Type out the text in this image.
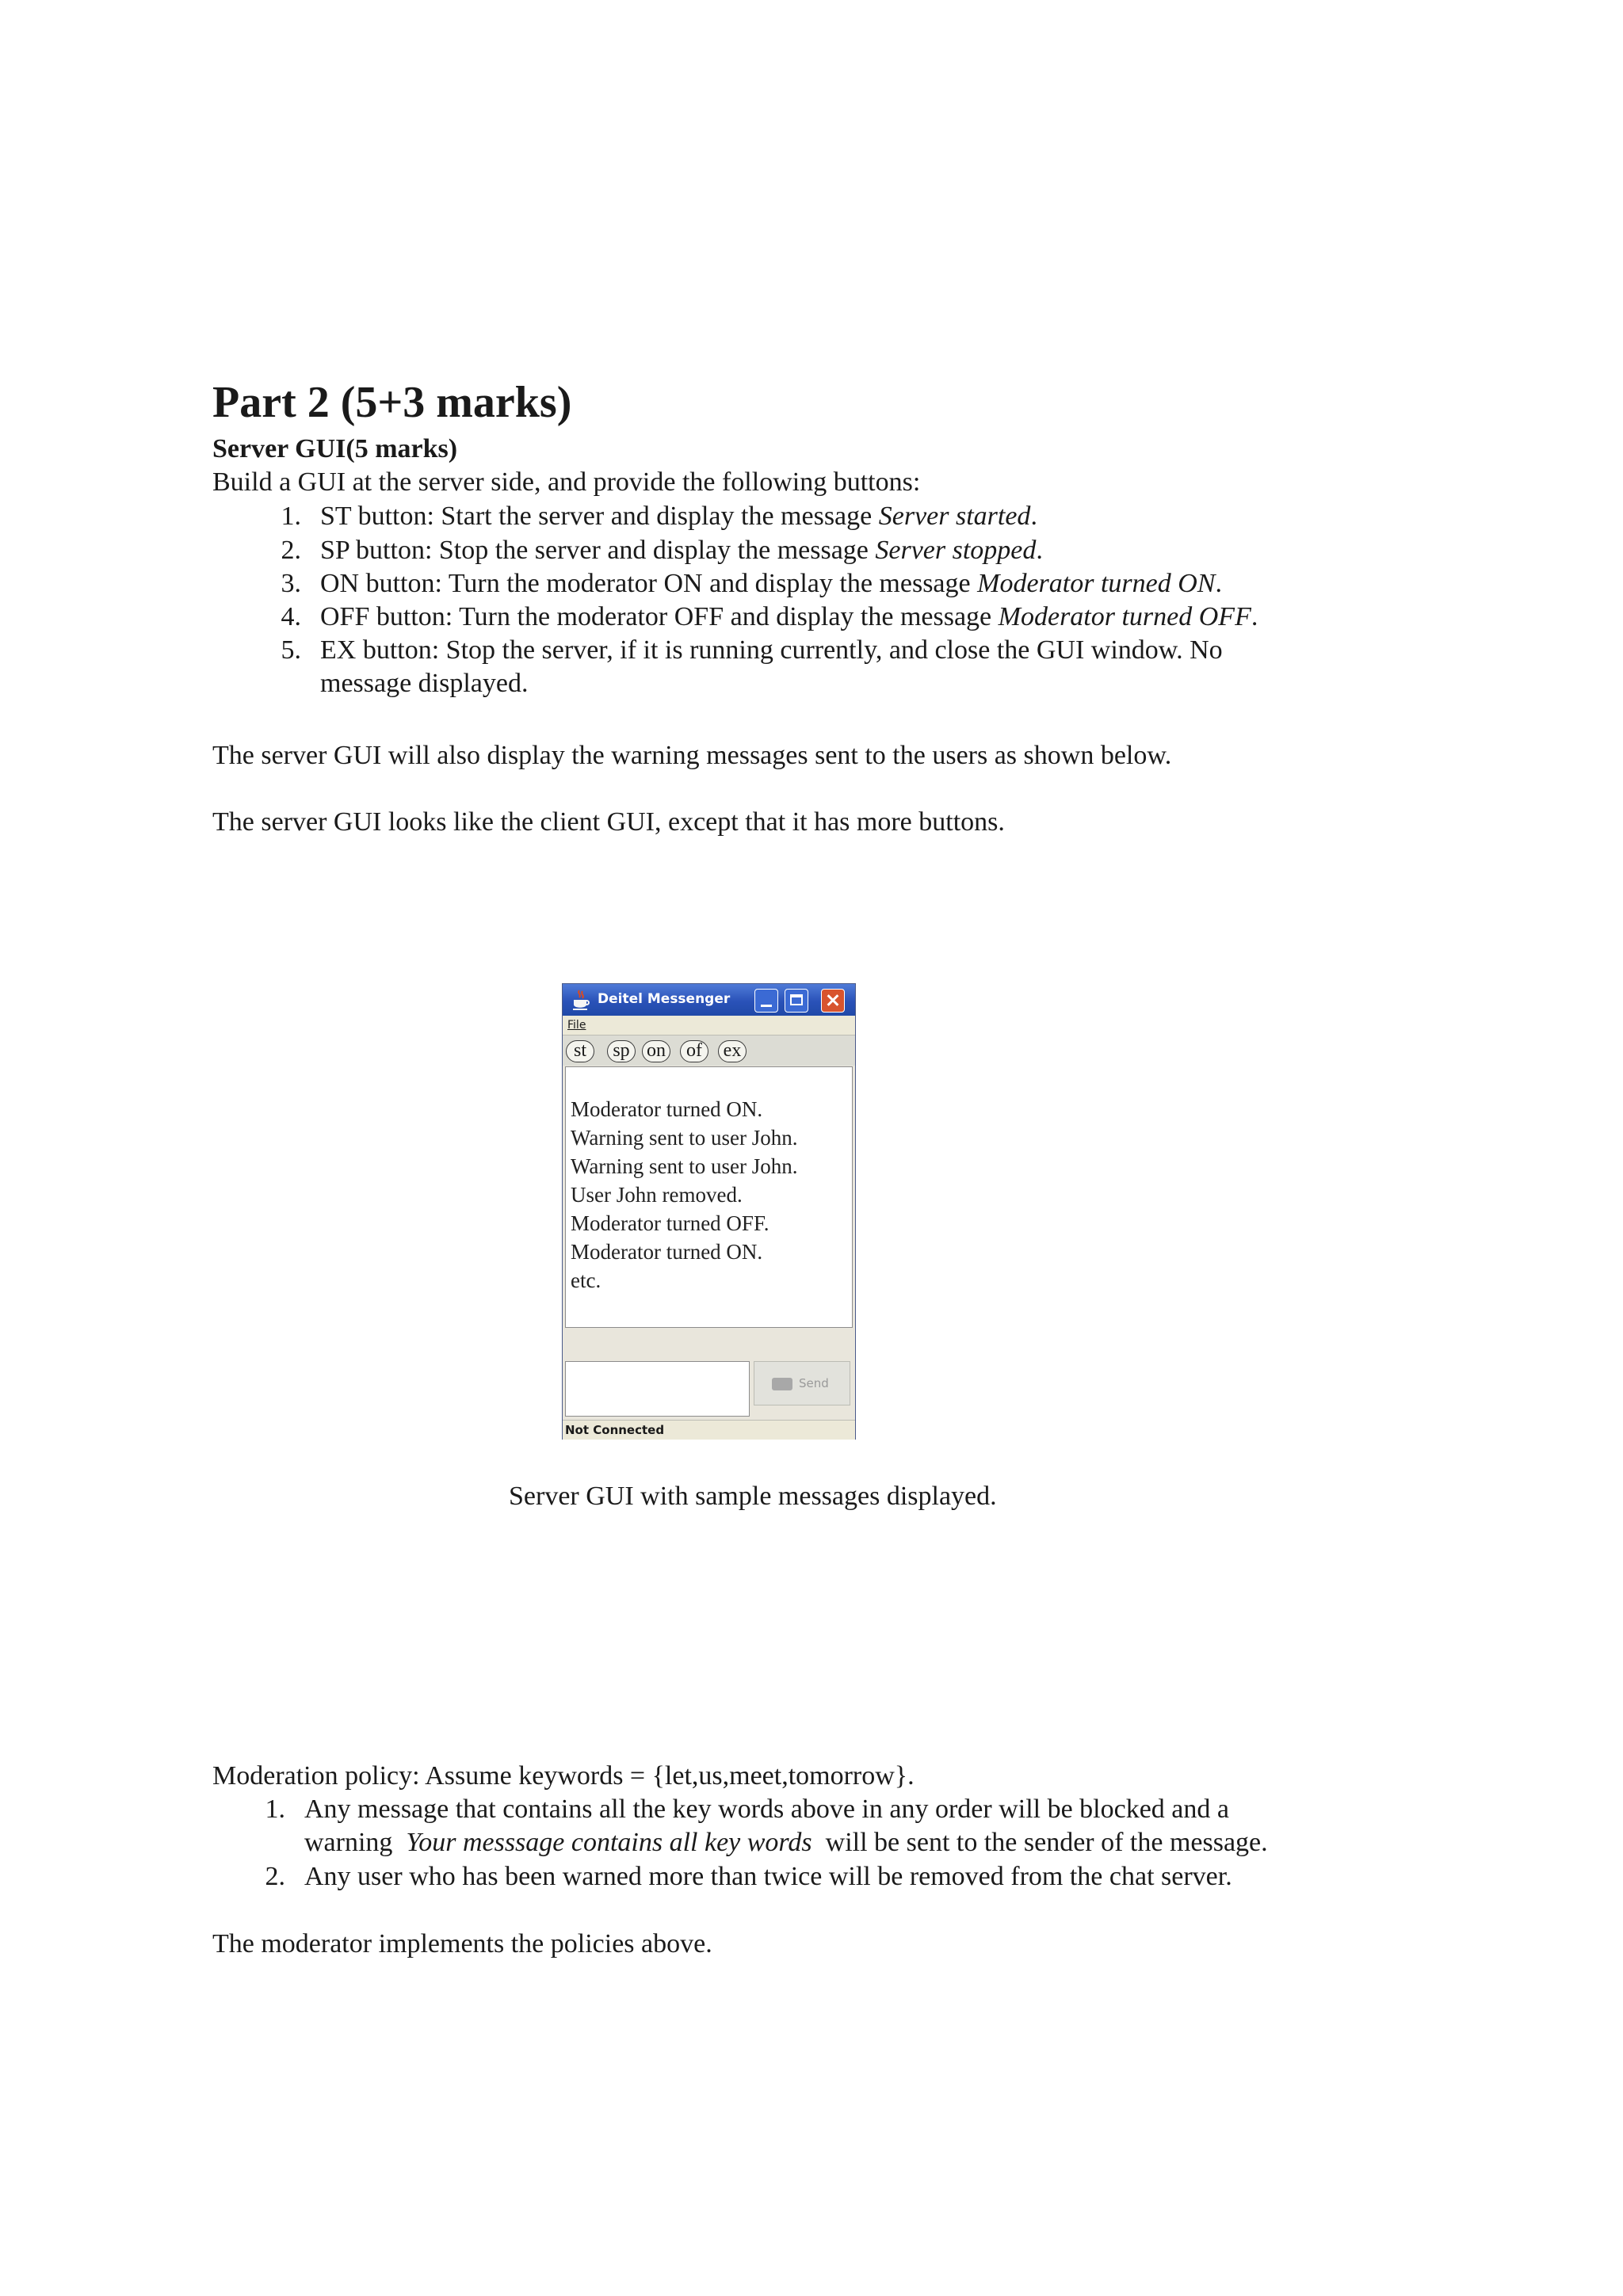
Part 2 (5+3 marks)
Server GUI(5 marks)
Build a GUI at the server side, and provide the following buttons:
1. ST button: Start the server and display the message Server started.
2. SP button: Stop the server and display the message Server stopped.
3. ON button: Turn the moderator ON and display the message Moderator turned ON.
4. OFF button: Turn the moderator OFF and display the message Moderator turned OFF.
5. EX button: Stop the server, if it is running currently, and close the GUI window. No
message displayed.
The server GUI will also display the warning messages sent to the users as shown below.
The server GUI looks like the client GUI, except that it has more buttons.
Deitel Messenger
File
st	sp on	of	ex
Moderator turned ON.
Warning sent to user John.
Warning sent to user John.
User John removed.
Moderator turned OFF.
Moderator turned ON.
etc.
Send
Not Connected
Server GUI with sample messages displayed.
Moderation policy: Assume keywords = {let,us,meet,tomorrow}.
1. Any message that contains all the key words above in any order will be blocked and a
warning  Your messsage contains all key words  will be sent to the sender of the message.
2. Any user who has been warned more than twice will be removed from the chat server.
The moderator implements the policies above.
